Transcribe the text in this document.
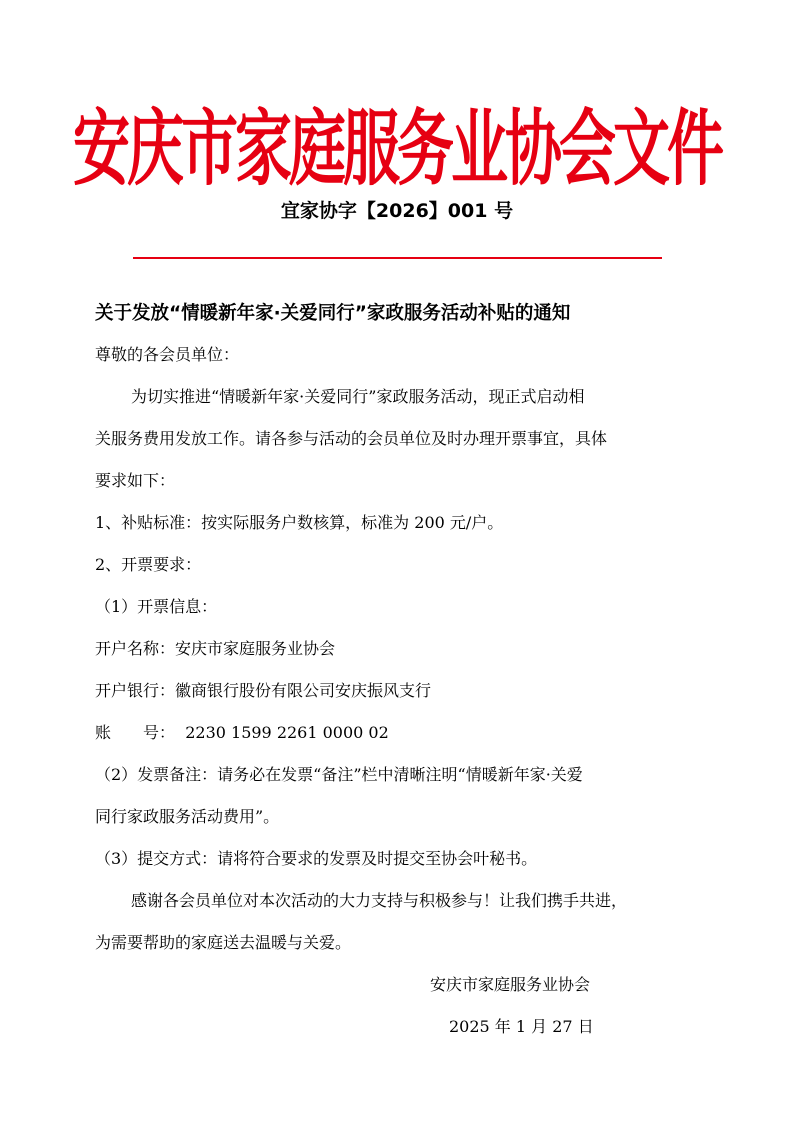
安庆市家庭服务业协会文件
宜家协字【2026】001 号
关于发放“情暖新年家·关爱同行”家政服务活动补贴的通知
尊敬的各会员单位：
为切实推进“情暖新年家·关爱同行”家政服务活动，现正式启动相
关服务费用发放工作。请各参与活动的会员单位及时办理开票事宜，具体
要求如下：
1、补贴标准：按实际服务户数核算，标准为 200 元/户。
2、开票要求：
（1）开票信息：
开户名称：安庆市家庭服务业协会
开户银行：徽商银行股份有限公司安庆振风支行
账 号： 2230 1599 2261 0000 02
（2）发票备注：请务必在发票“备注”栏中清晰注明“情暖新年家·关爱
同行家政服务活动费用”。
（3）提交方式：请将符合要求的发票及时提交至协会叶秘书。
感谢各会员单位对本次活动的大力支持与积极参与！让我们携手共进，
为需要帮助的家庭送去温暖与关爱。
安庆市家庭服务业协会
2025 年 1 月 27 日
